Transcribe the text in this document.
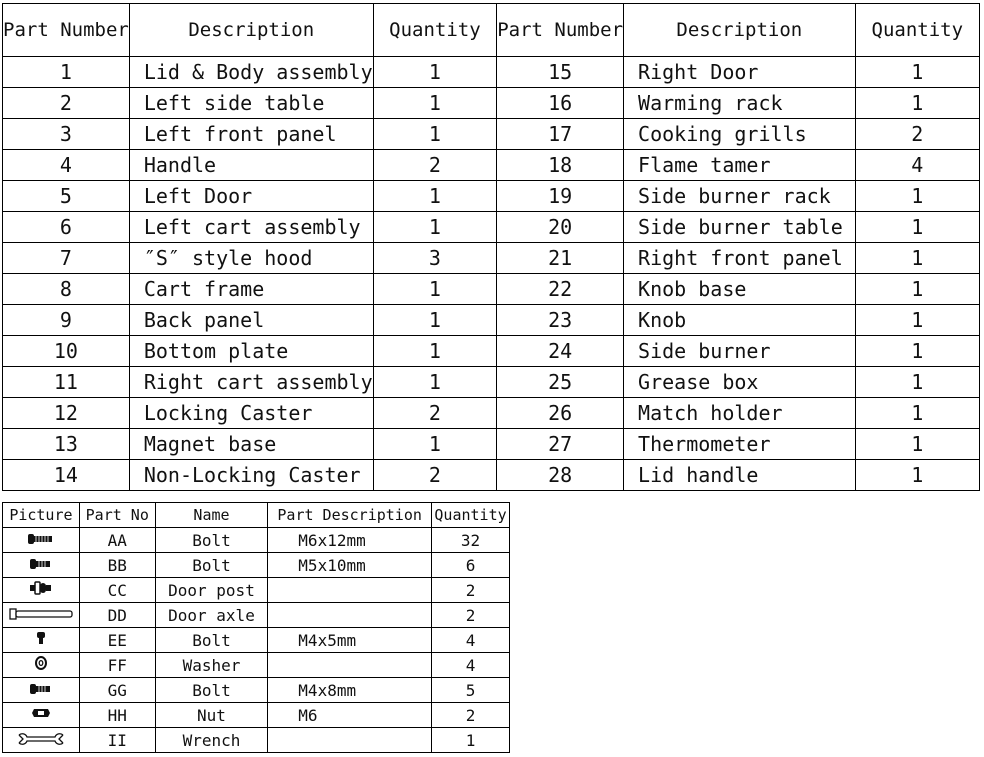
Part Number	Description	Quantity	Part Number	Description	Quantity
1	Lid & Body assembly	1	15	Right Door	1
2	Left side table	1	16	Warming rack	1
3	Left front panel	1	17	Cooking grills	2
4	Handle	2	18	Flame tamer	4
5	Left Door	1	19	Side burner rack	1
6	Left cart assembly	1	20	Side burner table	1
7	″S″ style hood	3	21	Right front panel	1
8	Cart frame	1	22	Knob base	1
9	Back panel	1	23	Knob	1
10	Bottom plate	1	24	Side burner	1
11	Right cart assembly	1	25	Grease box	1
12	Locking Caster	2	26	Match holder	1
13	Magnet base	1	27	Thermometer	1
14	Non-Locking Caster	2	28	Lid handle	1
Picture	Part No	Name	Part Description	Quantity
	AA	Bolt	M6x12mm	32
	BB	Bolt	M5x10mm	6
	CC	Door post		2
	DD	Door axle		2
	EE	Bolt	M4x5mm	4
	FF	Washer		4
	GG	Bolt	M4x8mm	5
	HH	Nut	M6	2
	II	Wrench		1
